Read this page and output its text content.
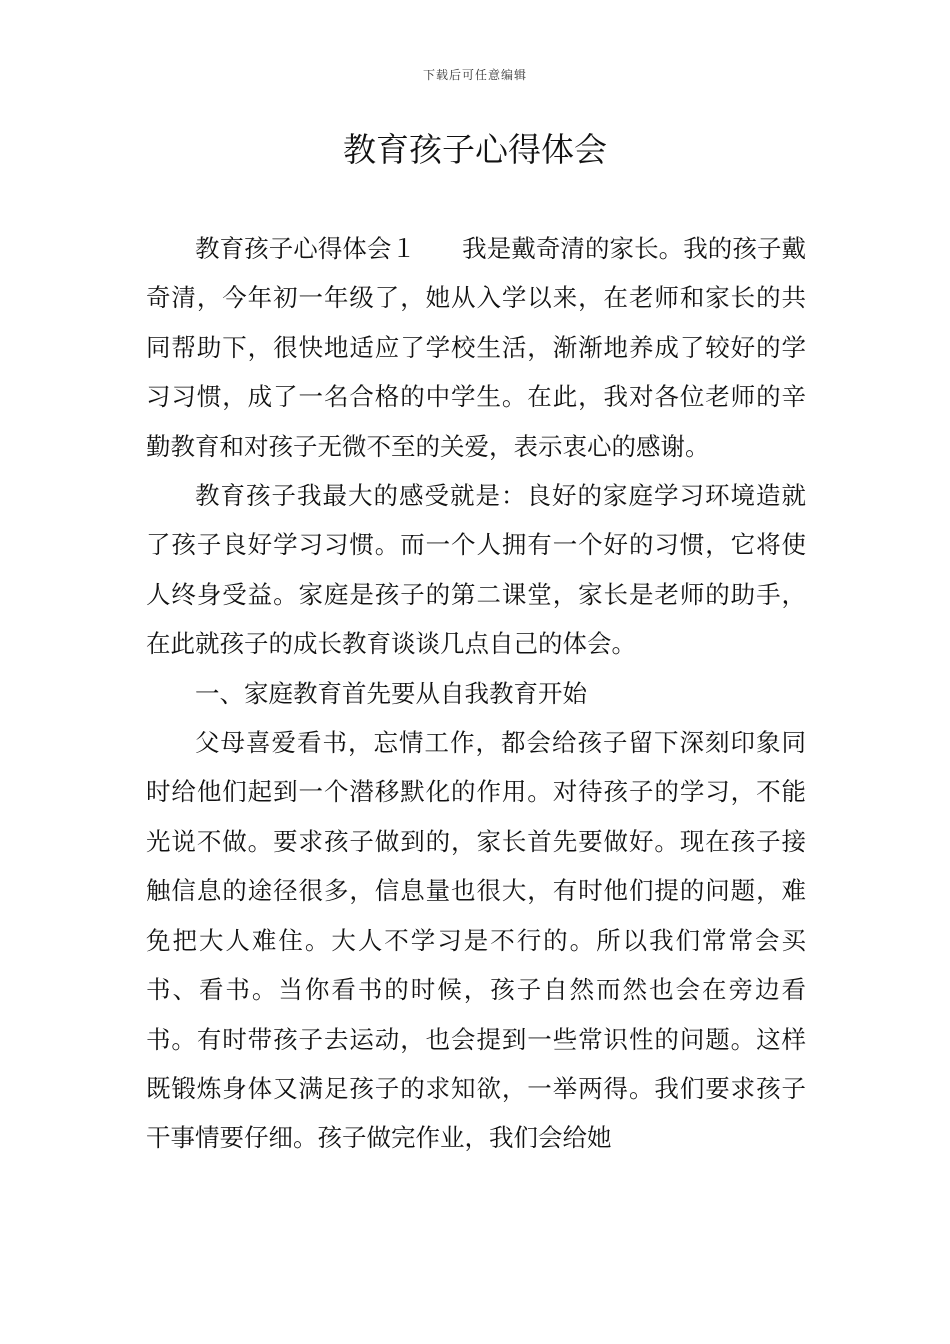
下载后可任意编辑
教育孩子心得体会

教育孩子心得体会１ 我是戴奇清的家长。我的孩子戴奇清，今年初一年级了，她从入学以来，在老师和家长的共同帮助下，很快地适应了学校生活，渐渐地养成了较好的学习习惯，成了一名合格的中学生。在此，我对各位老师的辛勤教育和对孩子无微不至的关爱，表示衷心的感谢。

教育孩子我最大的感受就是：良好的家庭学习环境造就了孩子良好学习习惯。而一个人拥有一个好的习惯，它将使人终身受益。家庭是孩子的第二课堂，家长是老师的助手，在此就孩子的成长教育谈谈几点自己的体会。

一、家庭教育首先要从自我教育开始

父母喜爱看书，忘情工作，都会给孩子留下深刻印象同时给他们起到一个潜移默化的作用。对待孩子的学习，不能光说不做。要求孩子做到的，家长首先要做好。现在孩子接触信息的途径很多，信息量也很大，有时他们提的问题，难免把大人难住。大人不学习是不行的。所以我们常常会买书、看书。当你看书的时候，孩子自然而然也会在旁边看书。有时带孩子去运动，也会提到一些常识性的问题。这样既锻炼身体又满足孩子的求知欲，一举两得。我们要求孩子干事情要仔细。孩子做完作业，我们会给她
